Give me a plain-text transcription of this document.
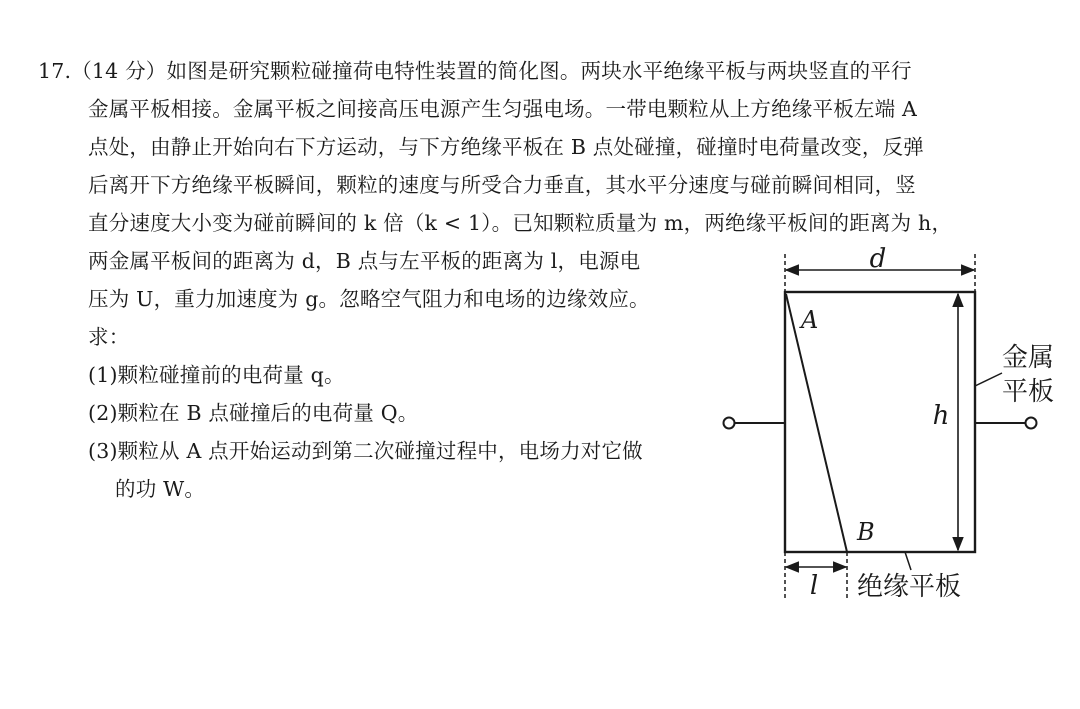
17.（14 分）如图是研究颗粒碰撞荷电特性装置的简化图。两块水平绝缘平板与两块竖直的平行
金属平板相接。金属平板之间接高压电源产生匀强电场。一带电颗粒从上方绝缘平板左端 A
点处，由静止开始向右下方运动，与下方绝缘平板在 B 点处碰撞，碰撞时电荷量改变，反弹
后离开下方绝缘平板瞬间，颗粒的速度与所受合力垂直，其水平分速度与碰前瞬间相同，竖
直分速度大小变为碰前瞬间的 k 倍（k < 1）。已知颗粒质量为 m，两绝缘平板间的距离为 h，
两金属平板间的距离为 d，B 点与左平板的距离为 l，电源电
压为 U，重力加速度为 g。忽略空气阻力和电场的边缘效应。
求：
(1)颗粒碰撞前的电荷量 q。
(2)颗粒在 B 点碰撞后的电荷量 Q。
(3)颗粒从 A 点开始运动到第二次碰撞过程中，电场力对它做
的功 W。
d
A
B
h
金属
平板
l 绝缘平板
